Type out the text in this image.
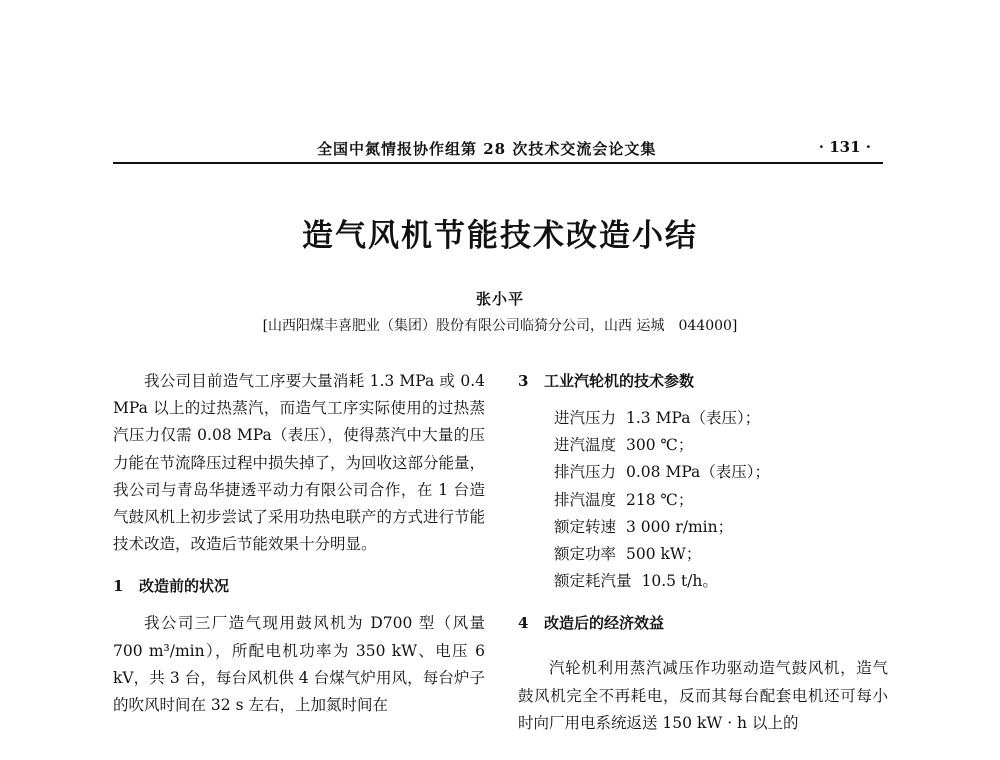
全国中氮情报协作组第 28 次技术交流会论文集	· 131 ·
造气风机节能技术改造小结
张小平
[山西阳煤丰喜肥业（集团）股份有限公司临猗分公司，山西 运城　044000]

我公司目前造气工序要大量消耗 1.3 MPa 或 0.4 MPa 以上的过热蒸汽，而造气工序实际使用的过热蒸汽压力仅需 0.08 MPa（表压），使得蒸汽中大量的压力能在节流降压过程中损失掉了，为回收这部分能量，我公司与青岛华捷透平动力有限公司合作，在 1 台造气鼓风机上初步尝试了采用功热电联产的方式进行节能技术改造，改造后节能效果十分明显。

1 改造前的状况

我公司三厂造气现用鼓风机为 D700 型（风量 700 m³/min），所配电机功率为 350 kW、电压 6 kV，共 3 台，每台风机供 4 台煤气炉用风，每台炉子的吹风时间在 32 s 左右，上加氮时间在

3 工业汽轮机的技术参数
进汽压力 1.3 MPa（表压）；
进汽温度 300 ℃；
排汽压力 0.08 MPa（表压）；
排汽温度 218 ℃；
额定转速 3 000 r/min；
额定功率 500 kW；
额定耗汽量 10.5 t/h。
4 改造后的经济效益

汽轮机利用蒸汽减压作功驱动造气鼓风机，造气鼓风机完全不再耗电，反而其每台配套电机还可每小时向厂用电系统返送 150 kW · h 以上的
